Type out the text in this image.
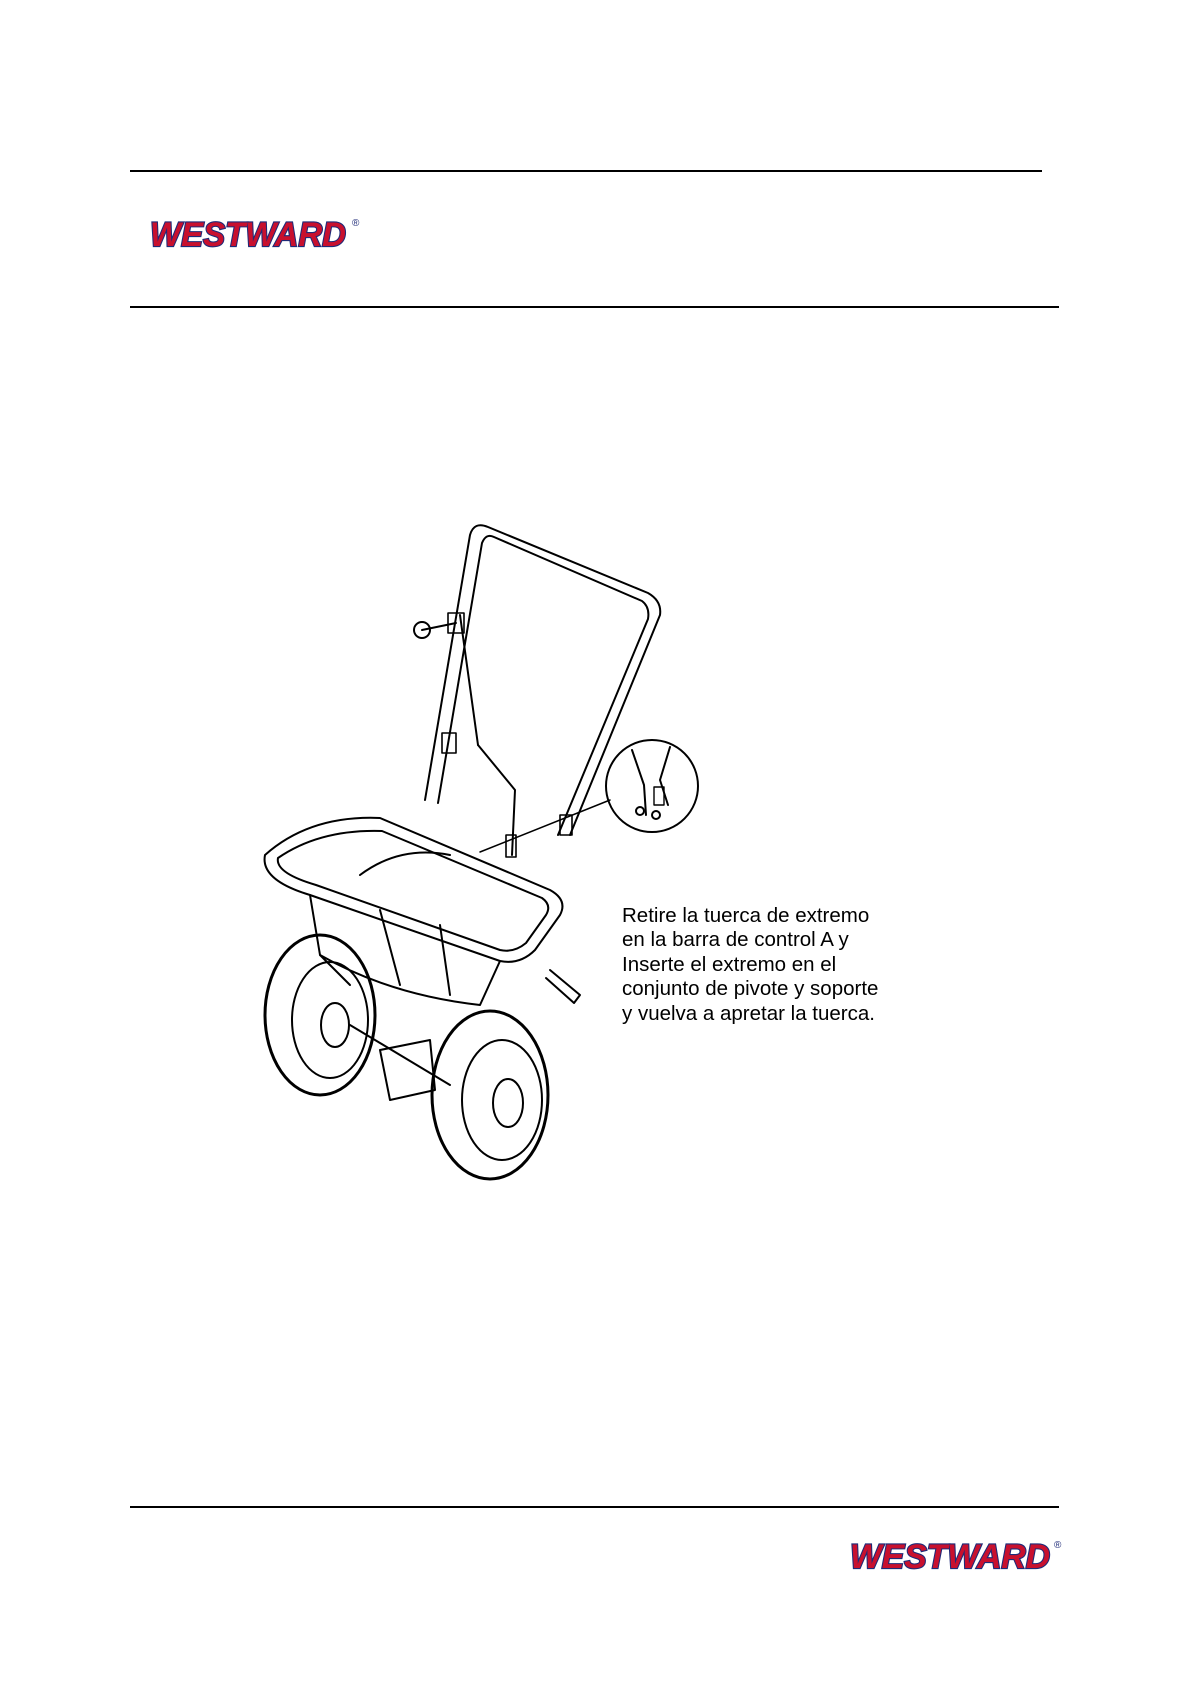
WESTWARD ®
Retire la tuerca de extremo
en la barra de control A y
Inserte el extremo en el
conjunto de pivote y soporte
y vuelva a apretar la tuerca.
WESTWARD ®
